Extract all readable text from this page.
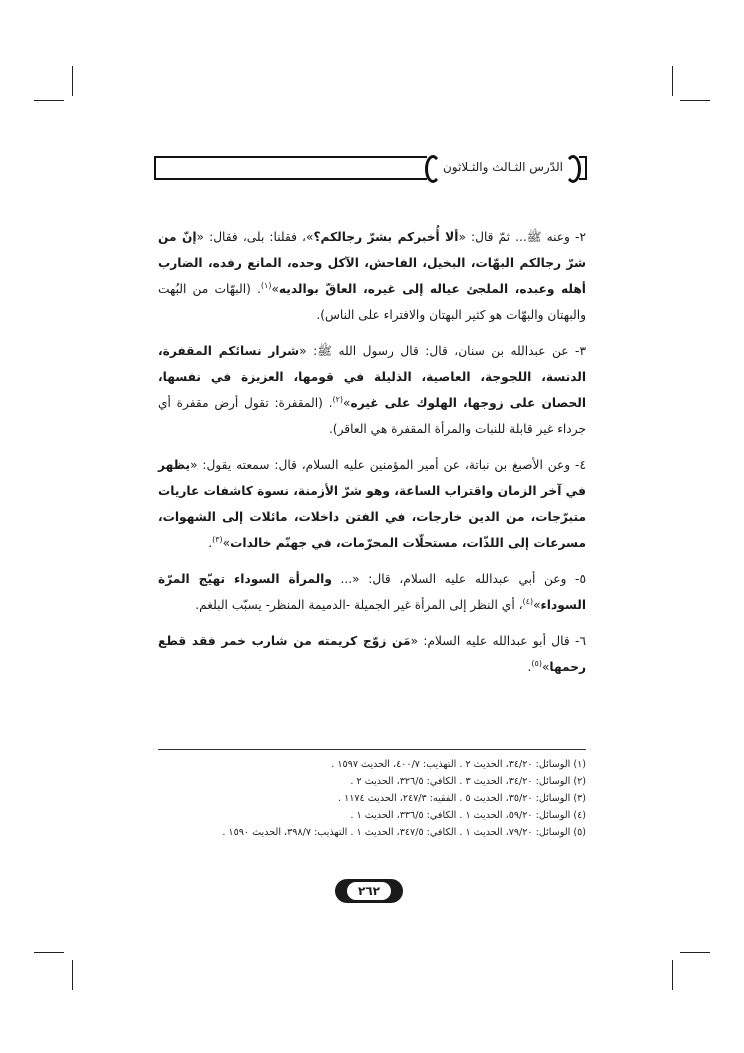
الدّرس الثـالث والثـلاثون

٢- وعنه ﷺ... ثمّ قال: «ألا أُخبركم بشرّ رجالكم؟»، فقلنا: بلى، فقال: «إنّ من شرّ رجالكم البهّات، البخيل، الفاحش، الآكل وحده، المانع رفده، الضارب أهله وعبده، الملجئ عياله إلى غيره، العاقّ بوالديه»$^{(١)}$. (البهّات من البُهت والبهتان والبهّات هو كثير البهتان والافتراء على الناس).

٣- عن عبدالله بن سنان، قال: قال رسول الله ﷺ: «شرار نسائكم المقفرة، الدنسة، اللجوجة، العاصية، الذليلة في قومها، العزيزة في نفسها، الحصان على زوجها، الهلوك على غيره»$^{(٢)}$. (المقفرة: تقول أرض مقفرة أي جرداء غير قابلة للنبات والمرأة المقفرة هي العاقر).

٤- وعن الأصبغ بن نباتة، عن أمير المؤمنين عليه السلام، قال: سمعته يقول: «يظهر في آخر الزمان واقتراب الساعة، وهو شرّ الأزمنة، نسوة كاشفات عاريات متبرّجات، من الدين خارجات، في الفتن داخلات، مائلات إلى الشهوات، مسرعات إلى اللذّات، مستحلّات المحرّمات، في جهنّم خالدات»$^{(٣)}$.

٥- وعن أبي عبدالله عليه السلام، قال: «... والمرأة السوداء تهيّج المرّة السوداء»$^{(٤)}$، أي النظر إلى المرأة غير الجميلة -الدميمة المنظر- يسبّب البلغم.

٦- قال أبو عبدالله عليه السلام: «مَن زوّج كريمته من شارب خمر فقد قطع رحمها»$^{(٥)}$.

(١) الوسائل: ٣٤/٢٠، الحديث ٢ . التهذيب: ٤٠٠/٧، الحديث ١٥٩٧ .

(٢) الوسائل: ٣٤/٢٠، الحديث ٣ . الكافي: ٣٢٦/٥، الحديث ٢ .

(٣) الوسائل: ٣٥/٢٠، الحديث ٥ . الفقيه: ٢٤٧/٣، الحديث ١١٧٤ .

(٤) الوسائل: ٥٩/٢٠، الحديث ١ . الكافي: ٣٣٦/٥، الحديث ١ .

(٥) الوسائل: ٧٩/٢٠، الحديث ١ . الكافي: ٣٤٧/٥، الحديث ١ . التهذيب: ٣٩٨/٧، الحديث ١٥٩٠ .

٢٦٢
